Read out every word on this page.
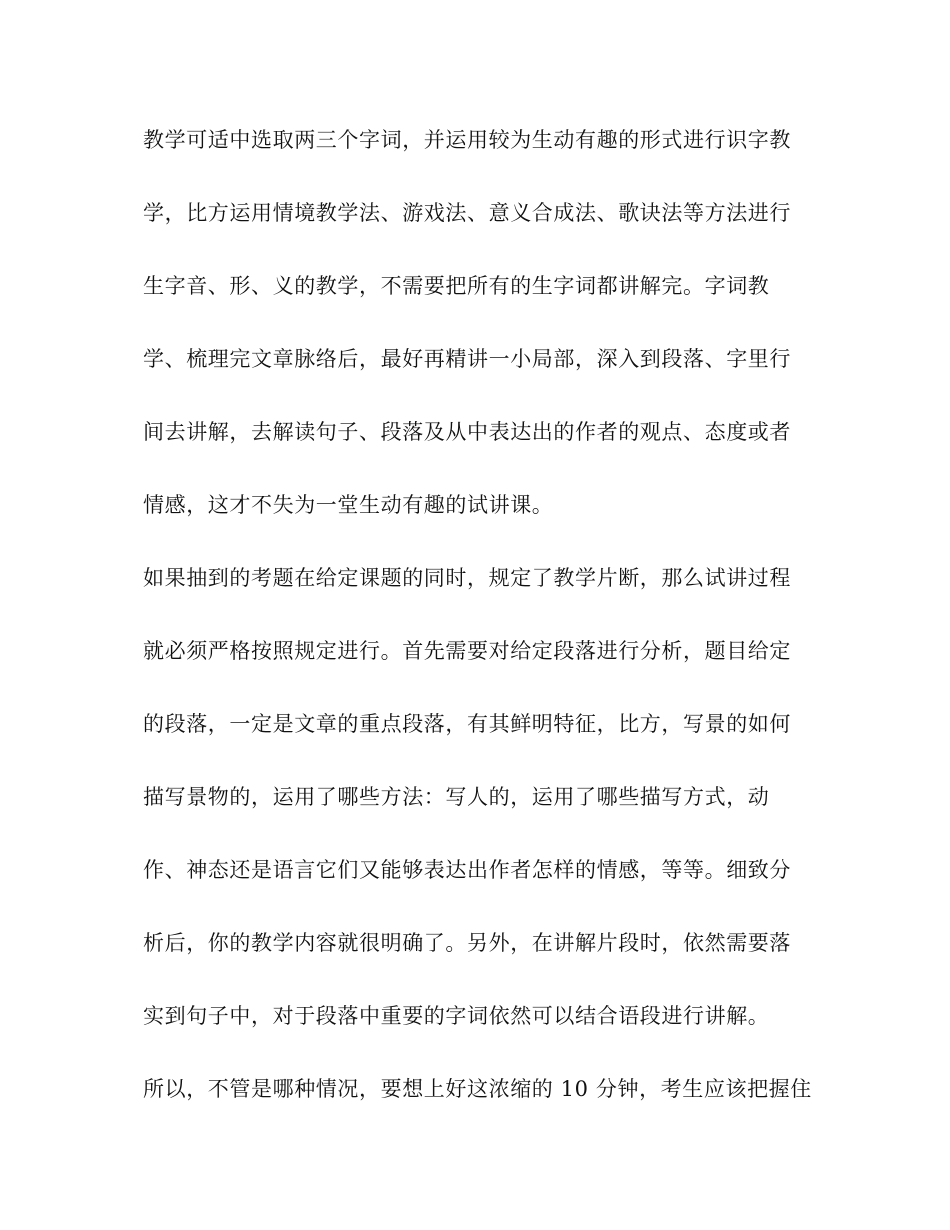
教学可适中选取两三个字词，并运用较为生动有趣的形式进行识字教
学，比方运用情境教学法、游戏法、意义合成法、歌诀法等方法进行
生字音、形、义的教学，不需要把所有的生字词都讲解完。字词教
学、梳理完文章脉络后，最好再精讲一小局部，深入到段落、字里行
间去讲解，去解读句子、段落及从中表达出的作者的观点、态度或者
情感，这才不失为一堂生动有趣的试讲课。
如果抽到的考题在给定课题的同时，规定了教学片断，那么试讲过程
就必须严格按照规定进行。首先需要对给定段落进行分析，题目给定
的段落，一定是文章的重点段落，有其鲜明特征，比方，写景的如何
描写景物的，运用了哪些方法：写人的，运用了哪些描写方式，动
作、神态还是语言它们又能够表达出作者怎样的情感，等等。细致分
析后，你的教学内容就很明确了。另外，在讲解片段时，依然需要落
实到句子中，对于段落中重要的字词依然可以结合语段进行讲解。
所以，不管是哪种情况，要想上好这浓缩的 10 分钟，考生应该把握住
